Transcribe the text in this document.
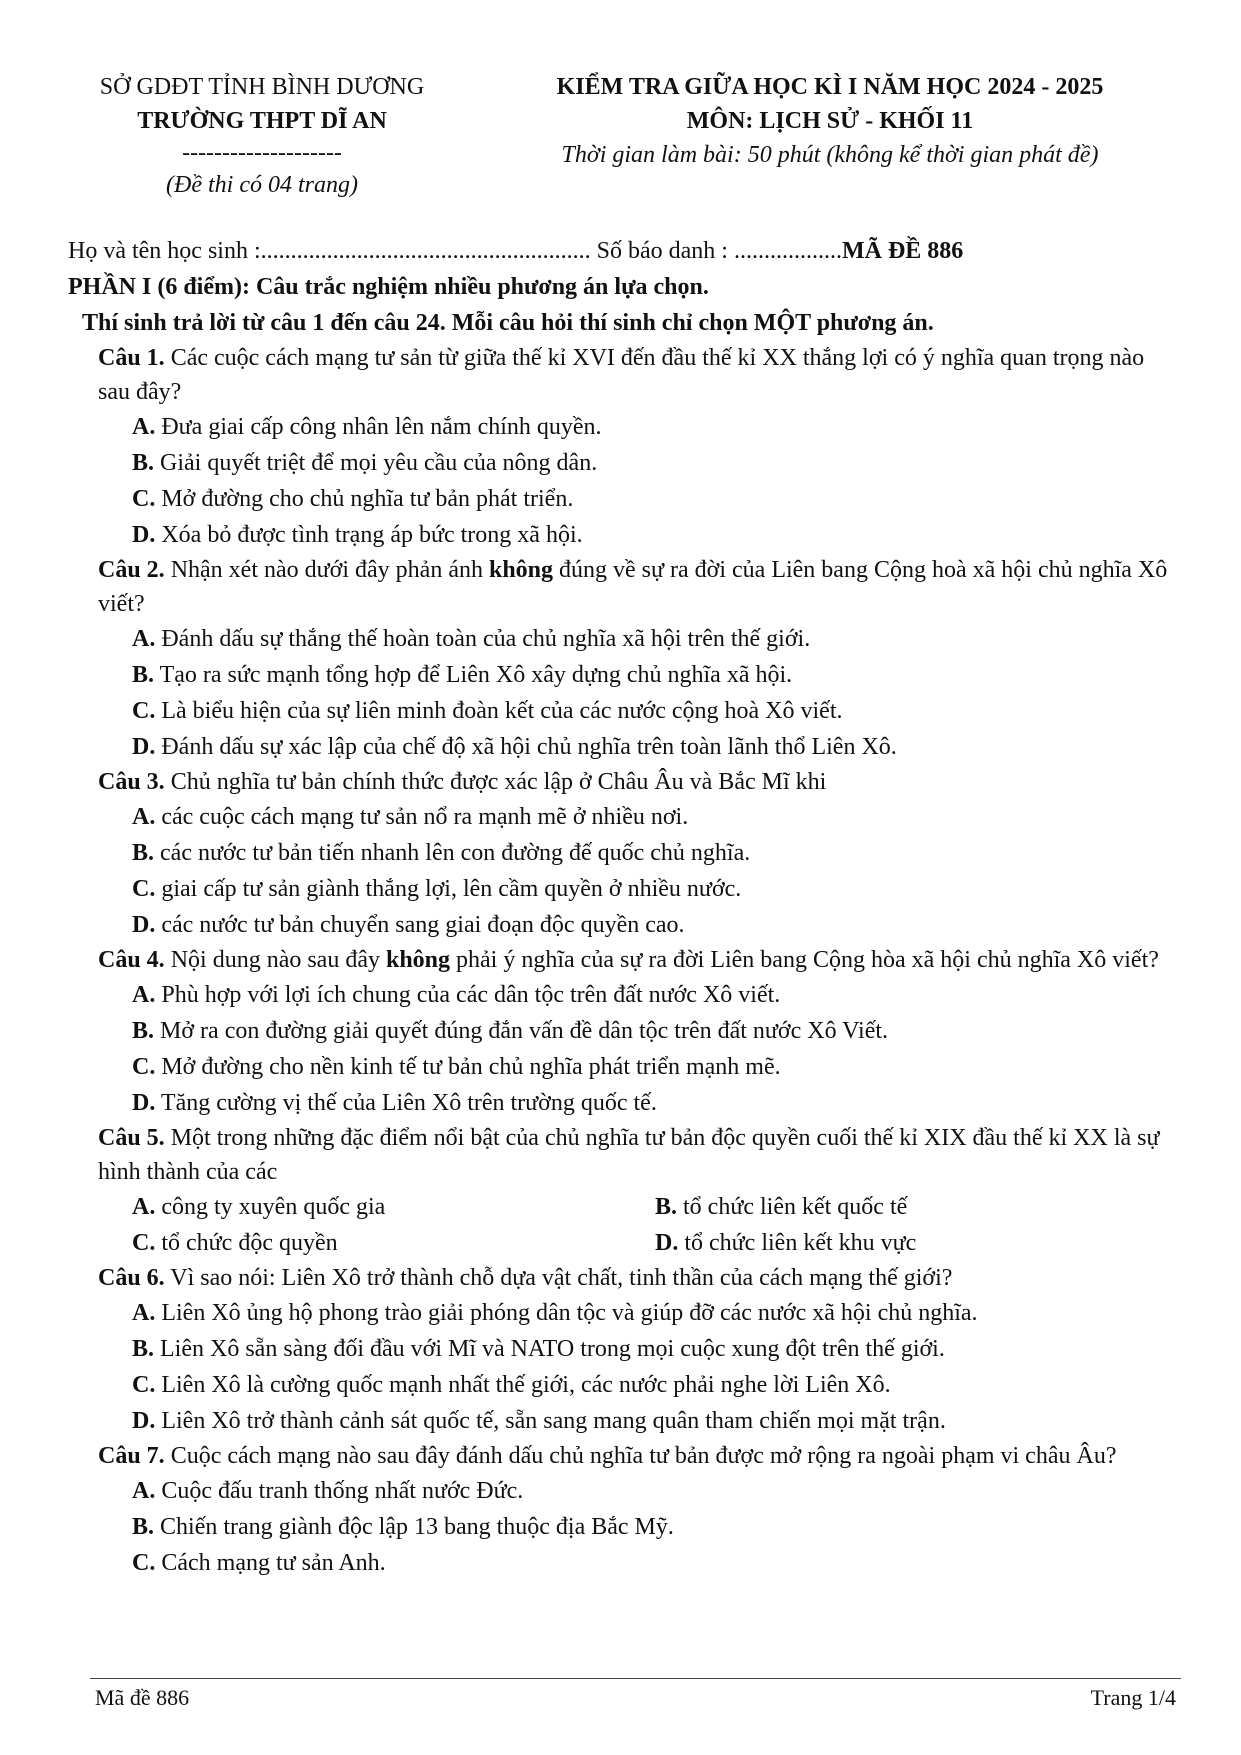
SỞ GDĐT TỈNH BÌNH DƯƠNG
TRƯỜNG THPT DĨ AN
--------------------
(Đề thi có 04 trang)
KIỂM TRA GIỮA HỌC KÌ I NĂM HỌC 2024 - 2025
MÔN: LỊCH SỬ - KHỐI 11
Thời gian làm bài: 50 phút (không kể thời gian phát đề)
Họ và tên học sinh :....................................................... Số báo danh : ..................MÃ ĐỀ 886
PHẦN I (6 điểm): Câu trắc nghiệm nhiều phương án lựa chọn.
Thí sinh trả lời từ câu 1 đến câu 24. Mỗi câu hỏi thí sinh chỉ chọn MỘT phương án.
Câu 1. Các cuộc cách mạng tư sản từ giữa thế kỉ XVI đến đầu thế kỉ XX thắng lợi có ý nghĩa quan trọng nào sau đây?
A. Đưa giai cấp công nhân lên nắm chính quyền.
B. Giải quyết triệt để mọi yêu cầu của nông dân.
C. Mở đường cho chủ nghĩa tư bản phát triển.
D. Xóa bỏ được tình trạng áp bức trong xã hội.
Câu 2. Nhận xét nào dưới đây phản ánh không đúng về sự ra đời của Liên bang Cộng hoà xã hội chủ nghĩa Xô viết?
A. Đánh dấu sự thắng thế hoàn toàn của chủ nghĩa xã hội trên thế giới.
B. Tạo ra sức mạnh tổng hợp để Liên Xô xây dựng chủ nghĩa xã hội.
C. Là biểu hiện của sự liên minh đoàn kết của các nước cộng hoà Xô viết.
D. Đánh dấu sự xác lập của chế độ xã hội chủ nghĩa trên toàn lãnh thổ Liên Xô.
Câu 3. Chủ nghĩa tư bản chính thức được xác lập ở Châu Âu và Bắc Mĩ khi
A. các cuộc cách mạng tư sản nổ ra mạnh mẽ ở nhiều nơi.
B. các nước tư bản tiến nhanh lên con đường đế quốc chủ nghĩa.
C. giai cấp tư sản giành thắng lợi, lên cầm quyền ở nhiều nước.
D. các nước tư bản chuyển sang giai đoạn độc quyền cao.
Câu 4. Nội dung nào sau đây không phải ý nghĩa của sự ra đời Liên bang Cộng hòa xã hội chủ nghĩa Xô viết?
A. Phù hợp với lợi ích chung của các dân tộc trên đất nước Xô viết.
B. Mở ra con đường giải quyết đúng đắn vấn đề dân tộc trên đất nước Xô Viết.
C. Mở đường cho nền kinh tế tư bản chủ nghĩa phát triển mạnh mẽ.
D. Tăng cường vị thế của Liên Xô trên trường quốc tế.
Câu 5. Một trong những đặc điểm nổi bật của chủ nghĩa tư bản độc quyền cuối thế kỉ XIX đầu thế kỉ XX là sự hình thành của các
A. công ty xuyên quốc gia	B. tổ chức liên kết quốc tế
C. tổ chức độc quyền	D. tổ chức liên kết khu vực
Câu 6. Vì sao nói: Liên Xô trở thành chỗ dựa vật chất, tinh thần của cách mạng thế giới?
A. Liên Xô ủng hộ phong trào giải phóng dân tộc và giúp đỡ các nước xã hội chủ nghĩa.
B. Liên Xô sẵn sàng đối đầu với Mĩ và NATO trong mọi cuộc xung đột trên thế giới.
C. Liên Xô là cường quốc mạnh nhất thế giới, các nước phải nghe lời Liên Xô.
D. Liên Xô trở thành cảnh sát quốc tế, sẵn sang mang quân tham chiến mọi mặt trận.
Câu 7. Cuộc cách mạng nào sau đây đánh dấu chủ nghĩa tư bản được mở rộng ra ngoài phạm vi châu Âu?
A. Cuộc đấu tranh thống nhất nước Đức.
B. Chiến trang giành độc lập 13 bang thuộc địa Bắc Mỹ.
C. Cách mạng tư sản Anh.
Mã đề 886	Trang 1/4
